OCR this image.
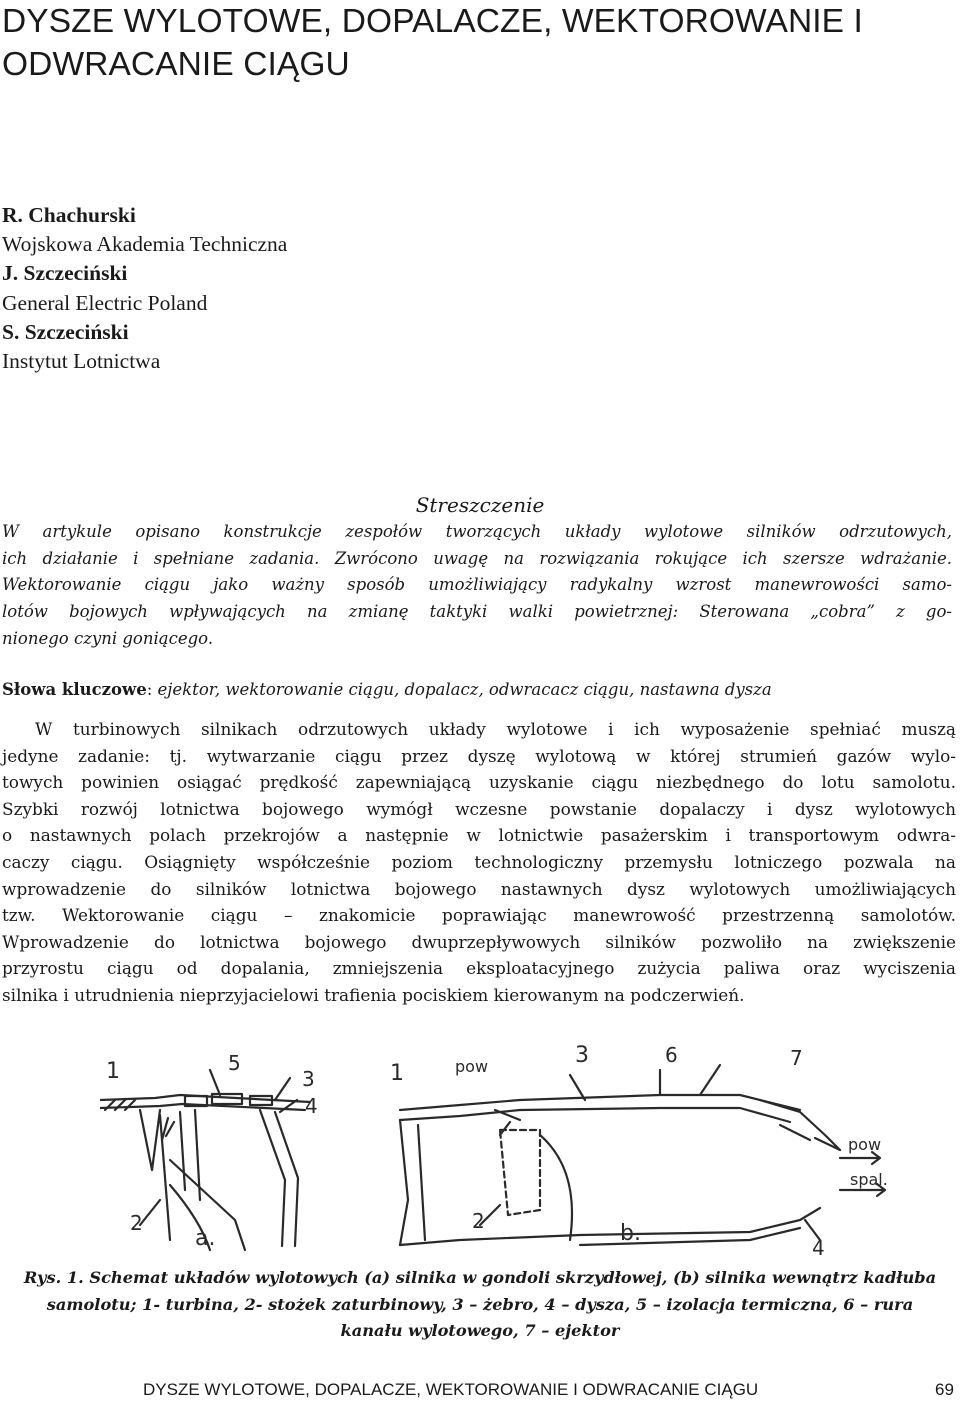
DYSZE WYLOTOWE, DOPALACZE, WEKTOROWANIE I ODWRACANIE CIĄGU
R. Chachurski
Wojskowa Akademia Techniczna
J. Szczeciński
General Electric Poland
S. Szczeciński
Instytut Lotnictwa
Streszczenie
W artykule opisano konstrukcje zespołów tworzących układy wylotowe silników odrzutowych,
ich działanie i spełniane zadania. Zwrócono uwagę na rozwiązania rokujące ich szersze wdrażanie.
Wektorowanie ciągu jako ważny sposób umożliwiający radykalny wzrost manewrowości samo-
lotów bojowych wpływających na zmianę taktyki walki powietrznej: Sterowana „cobra” z go-
nionego czyni goniącego.
Słowa kluczowe: ejektor, wektorowanie ciągu, dopalacz, odwracacz ciągu, nastawna dysza
W turbinowych silnikach odrzutowych układy wylotowe i ich wyposażenie spełniać muszą
jedyne zadanie: tj. wytwarzanie ciągu przez dyszę wylotową w której strumień gazów wylo-
towych powinien osiągać prędkość zapewniającą uzyskanie ciągu niezbędnego do lotu samolotu.
Szybki rozwój lotnictwa bojowego wymógł wczesne powstanie dopalaczy i dysz wylotowych
o nastawnych polach przekrojów a następnie w lotnictwie pasażerskim i transportowym odwra-
caczy ciągu. Osiągnięty współcześnie poziom technologiczny przemysłu lotniczego pozwala na
wprowadzenie do silników lotnictwa bojowego nastawnych dysz wylotowych umożliwiających
tzw. Wektorowanie ciągu – znakomicie poprawiając manewrowość przestrzenną samolotów.
Wprowadzenie do lotnictwa bojowego dwuprzepływowych silników pozwoliło na zwiększenie
przyrostu ciągu od dopalania, zmniejszenia eksploatacyjnego zużycia paliwa oraz wyciszenia
silnika i utrudnienia nieprzyjacielowi trafienia pociskiem kierowanym na podczerwień.
1	5
3
4
2
a.
1	pow	3	6	7
pow
spal.
2
4
b.
Rys. 1. Schemat układów wylotowych (a) silnika w gondoli skrzydłowej, (b) silnika wewnątrz kadłuba
samolotu; 1- turbina, 2- stożek zaturbinowy, 3 – żebro, 4 – dysza, 5 – izolacja termiczna, 6 – rura
kanału wylotowego, 7 – ejektor
DYSZE WYLOTOWE, DOPALACZE, WEKTOROWANIE I ODWRACANIE CIĄGU	69
